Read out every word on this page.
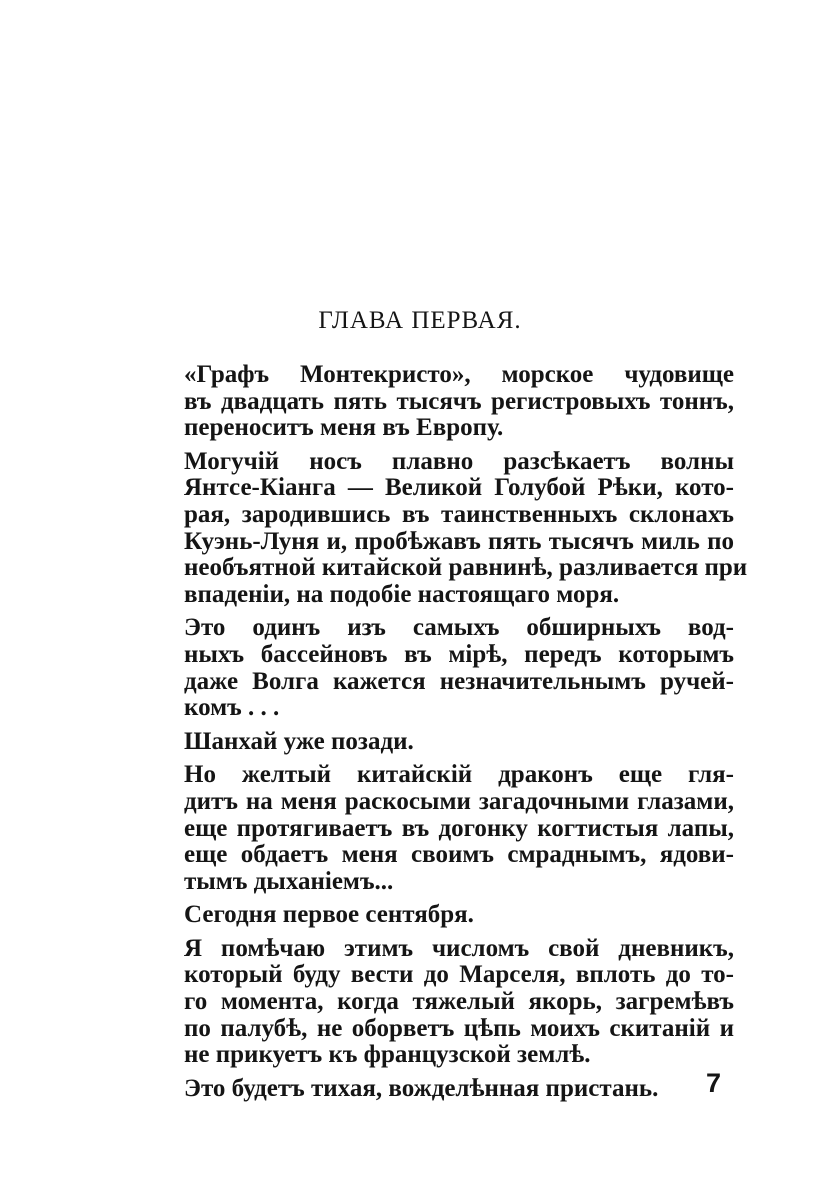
ГЛАВА ПЕРВАЯ.

«Графъ Монтекристо», морское чудовище
въ двадцать пять тысячъ регистровыхъ тоннъ,
переноситъ меня въ Европу.

Могучій носъ плавно разсѣкаетъ волны
Янтсе-Кіанга — Великой Голубой Рѣки, кото-
рая, зародившись въ таинственныхъ склонахъ
Куэнь-Луня и, пробѣжавъ пять тысячъ миль по
необъятной китайской равнинѣ, разливается при
впаденіи, на подобіе настоящаго моря.

Это одинъ изъ самыхъ обширныхъ вод-
ныхъ бассейновъ въ мірѣ, передъ которымъ
даже Волга кажется незначительнымъ ручей-
комъ . . .

Шанхай уже позади.

Но желтый китайскій драконъ еще гля-
дитъ на меня раскосыми загадочными глазами,
еще протягиваетъ въ догонку когтистыя лапы,
еще обдаетъ меня своимъ смраднымъ, ядови-
тымъ дыханіемъ...

Сегодня первое сентября.

Я помѣчаю этимъ числомъ свой дневникъ,
который буду вести до Марселя, вплоть до то-
го момента, когда тяжелый якорь, загремѣвъ
по палубѣ, не оборветъ цѣпь моихъ скитаній и
не прикуетъ къ французской землѣ.

Это будетъ тихая, вожделѣнная пристань.	7
